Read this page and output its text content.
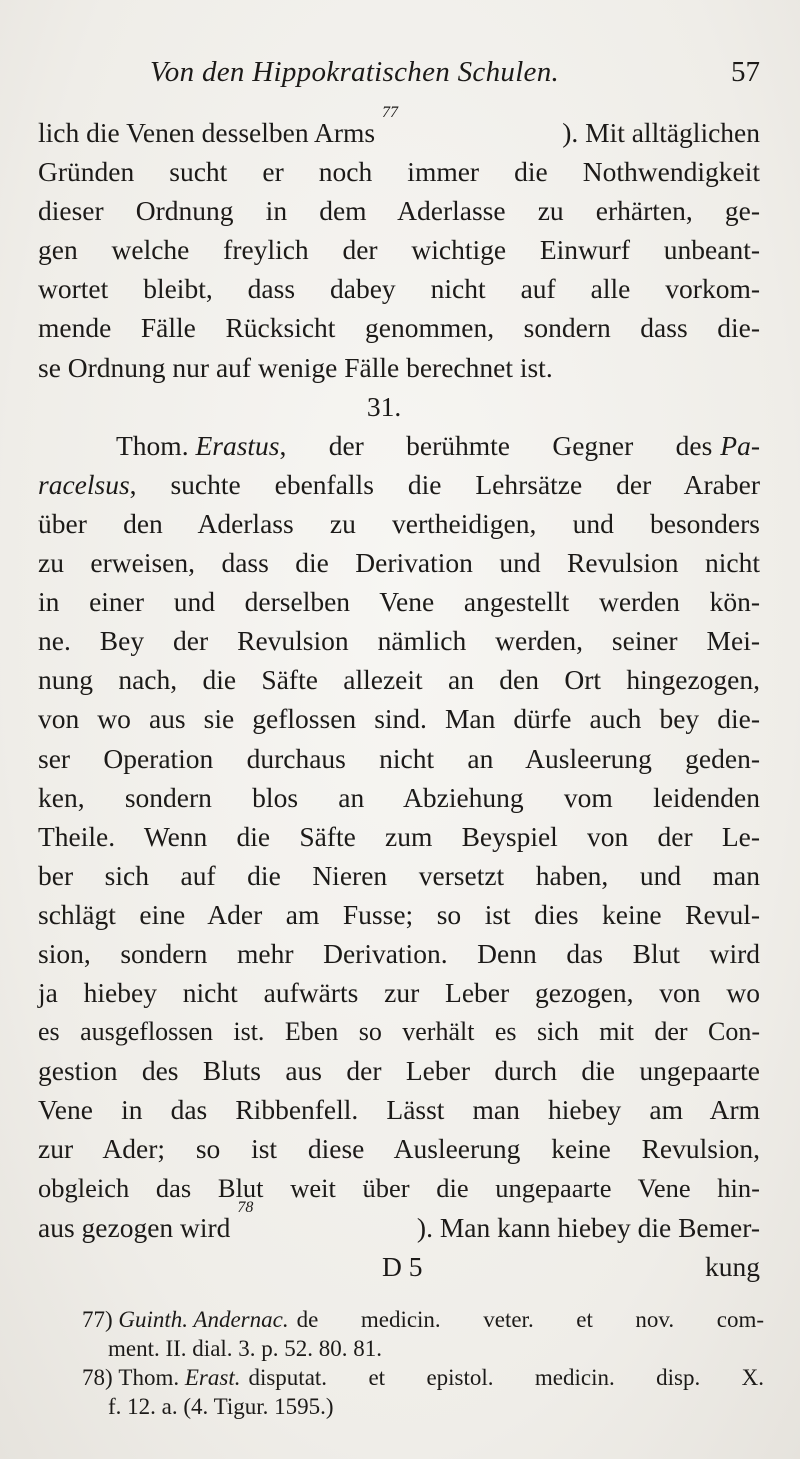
Von den Hippokratischen Schulen.	57
lich die Venen desselben Arms

77
). Mit alltäglichen
Gründen sucht er noch immer die Nothwendigkeit
dieser Ordnung in dem Aderlasse zu erhärten, ge-
gen welche freylich der wichtige Einwurf unbeant-
wortet bleibt, dass dabey nicht auf alle vorkom-
mende Fälle Rücksicht genommen, sondern dass die-
se Ordnung nur auf wenige Fälle berechnet ist.
31.
Thom.
Erastus , der berühmte Gegner des Pa-
racelsus , suchte ebenfalls die Lehrsätze der Araber
über den Aderlass zu vertheidigen, und besonders
zu erweisen, dass die Derivation und Revulsion nicht
in einer und derselben Vene angestellt werden kön-
ne. Bey der Revulsion nämlich werden, seiner Mei-
nung nach, die Säfte allezeit an den Ort hingezogen,
von wo aus sie geflossen sind. Man dürfe auch bey die-
ser Operation durchaus nicht an Ausleerung geden-
ken, sondern blos an Abziehung vom leidenden
Theile. Wenn die Säfte zum Beyspiel von der Le-
ber sich auf die Nieren versetzt haben, und man
schlägt eine Ader am Fusse; so ist dies keine Revul-
sion, sondern mehr Derivation. Denn das Blut wird
ja hiebey nicht aufwärts zur Leber gezogen, von wo
es ausgeflossen ist. Eben so verhält es sich mit der Con-
gestion des Bluts aus der Leber durch die ungepaarte
Vene in das Ribbenfell. Lässt man hiebey am Arm
zur Ader; so ist diese Ausleerung keine Revulsion,
obgleich das Blut weit über die ungepaarte Vene hin-
aus gezogen wird

78
). Man kann hiebey die Bemer-
D 5	kung
77)
Guinth. Andernac. de medicin. veter. et nov. com-
ment. II. dial. 3. p. 52. 80. 81.
78)
Thom.
Erast. disputat. et epistol. medicin. disp. X.
f. 12. a. (4. Tigur. 1595.)
